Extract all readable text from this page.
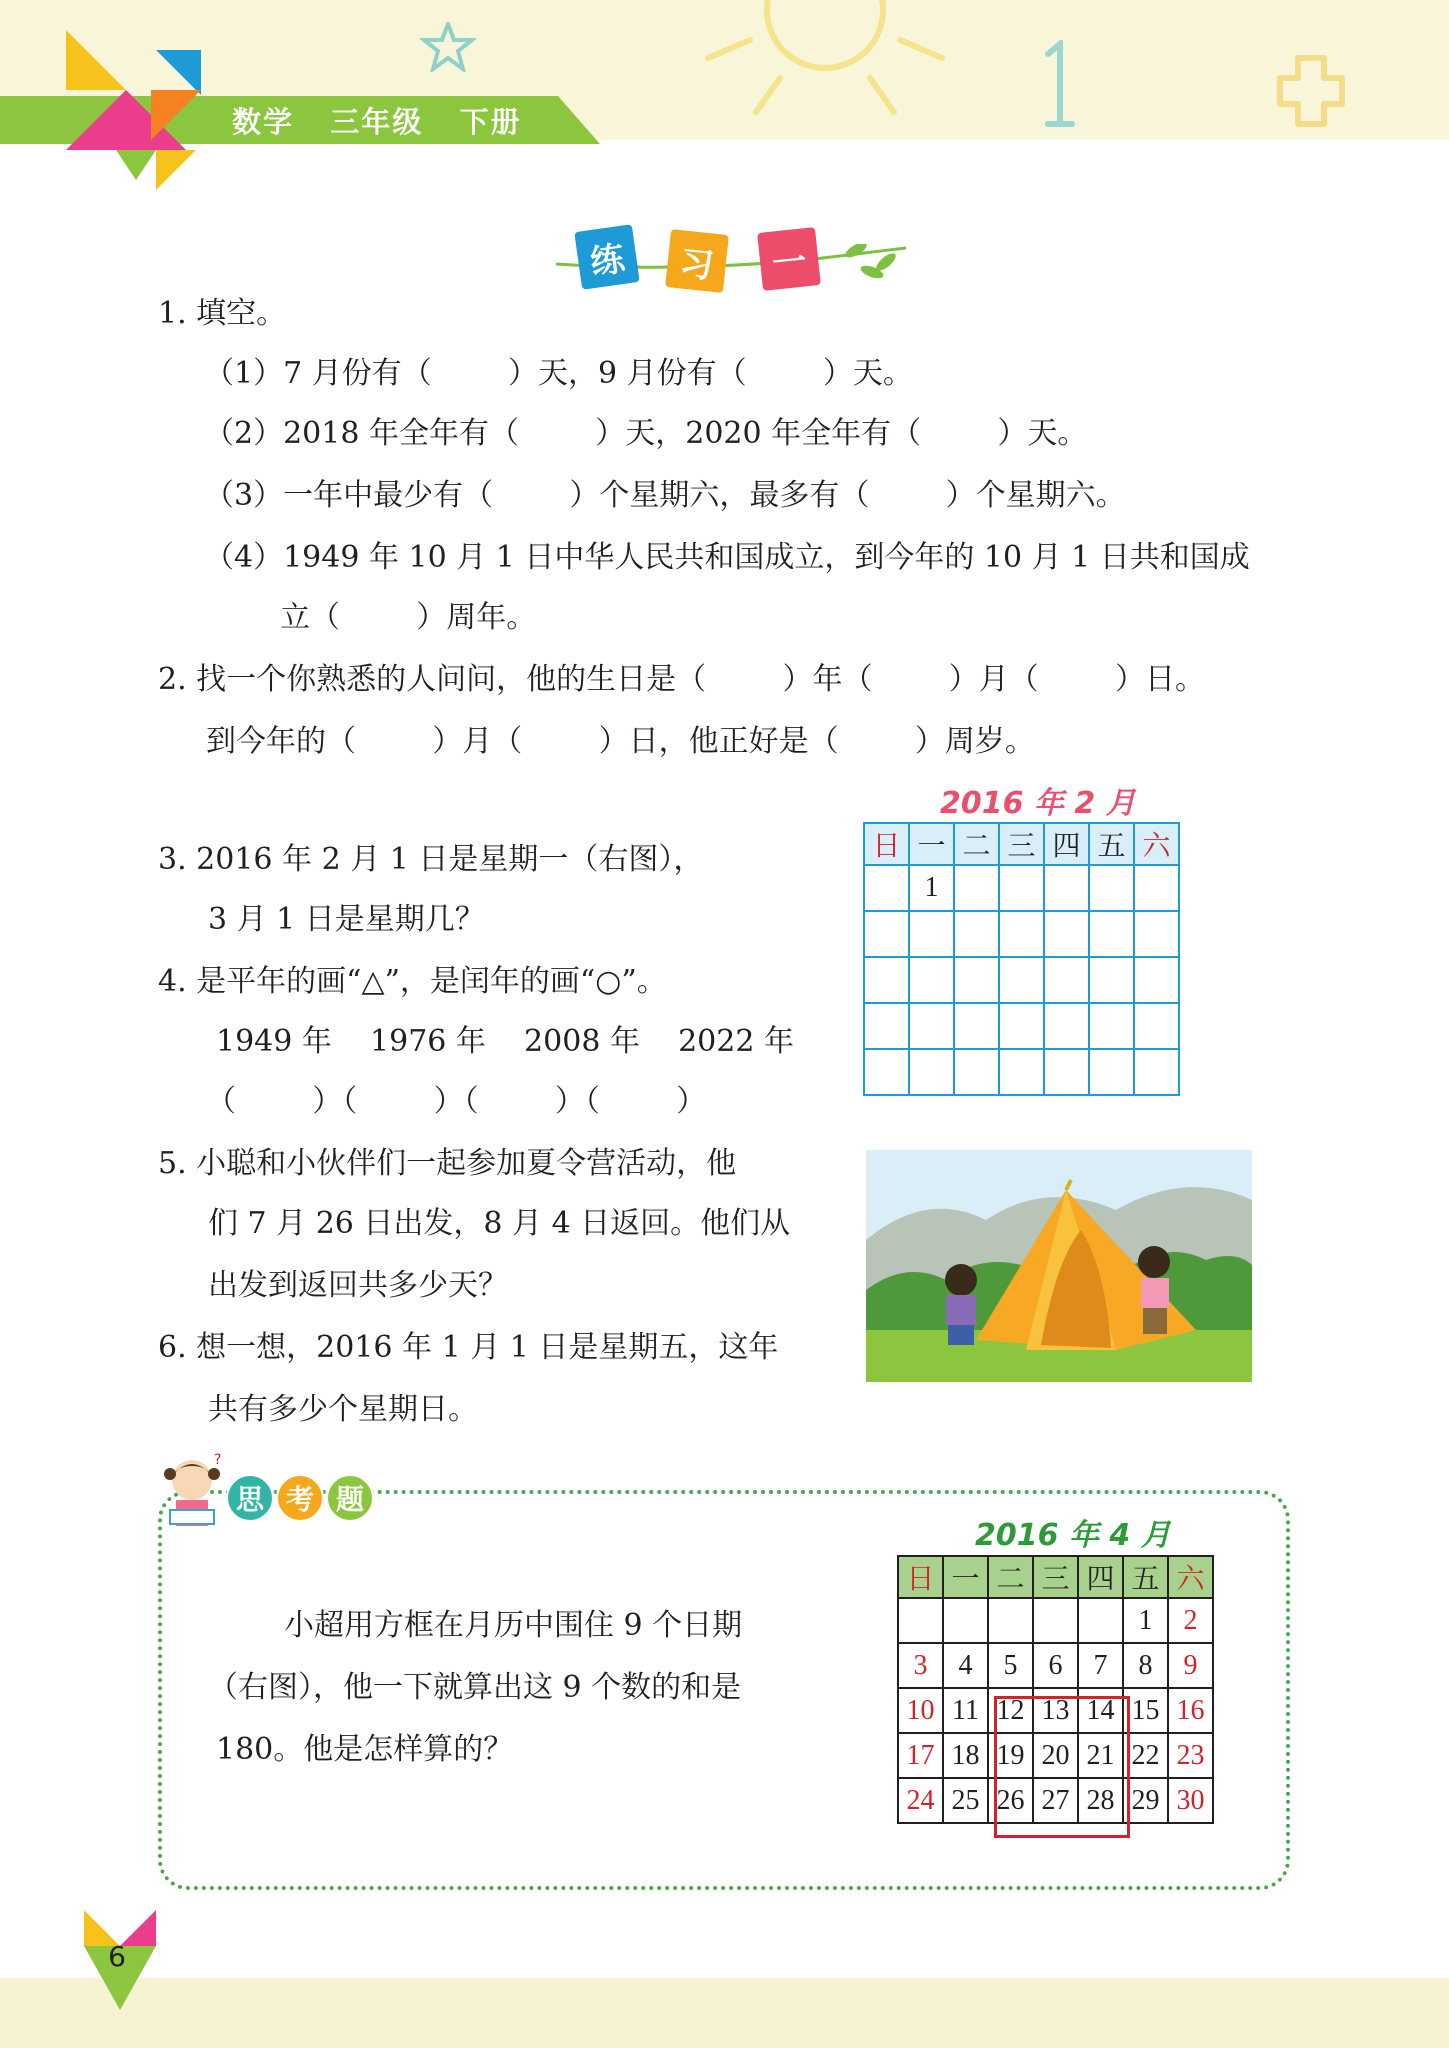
数学   三年级   下册
练	习	一
1. 填空。
（1）7 月份有（        ）天，9 月份有（        ）天。
（2）2018 年全年有（        ）天，2020 年全年有（        ）天。
（3）一年中最少有（        ）个星期六，最多有（        ）个星期六。
（4）1949 年 10 月 1 日中华人民共和国成立，到今年的 10 月 1 日共和国成
立（        ）周年。
2. 找一个你熟悉的人问问，他的生日是（        ）年（        ）月（        ）日。
到今年的（        ）月（        ）日，他正好是（        ）周岁。
3. 2016 年 2 月 1 日是星期一（右图），
3 月 1 日是星期几？
4. 是平年的画“△”，是闰年的画“○”。
1949 年    1976 年    2008 年    2022 年
（        ）（        ）（        ）（        ）
5. 小聪和小伙伴们一起参加夏令营活动，他
们 7 月 26 日出发，8 月 4 日返回。他们从
出发到返回共多少天？
6. 想一想，2016 年 1 月 1 日是星期五，这年
共有多少个星期日。
2016 年 2 月
日	一	二	三	四	五	六
	1					

?
思 考 题
小超用方框在月历中围住 9 个日期
（右图），他一下就算出这 9 个数的和是
180。他是怎样算的？
2016 年 4 月
日	一	二	三	四	五	六
					1	2
3	4	5	6	7	8	9
10	11	12	13	14	15	16
17	18	19	20	21	22	23
24	25	26	27	28	29	30
6
